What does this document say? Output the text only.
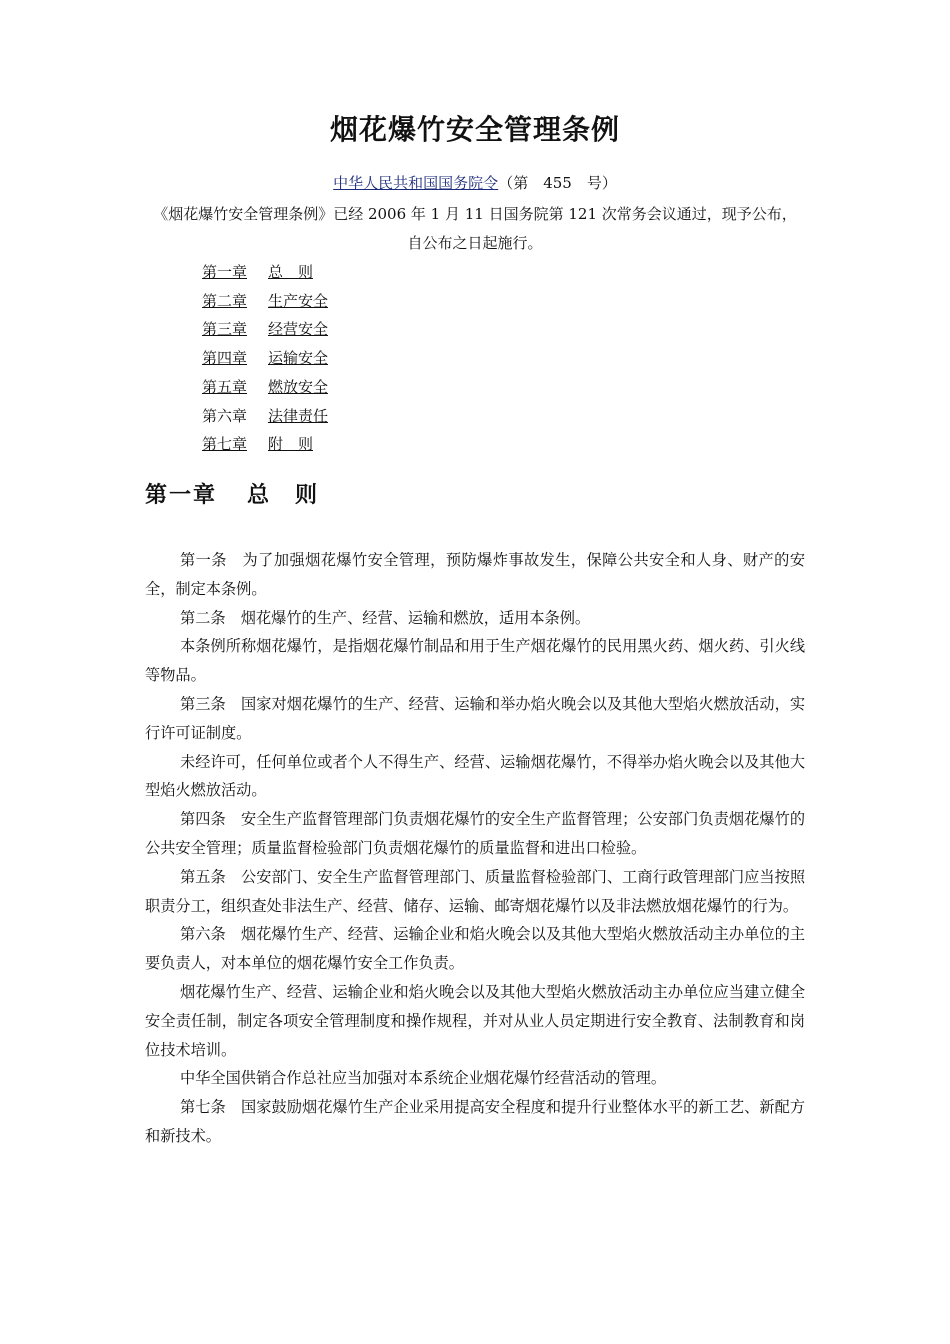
烟花爆竹安全管理条例
中华人民共和国国务院令（第　455　号）
《烟花爆竹安全管理条例》已经 2006 年 1 月 11 日国务院第 121 次常务会议通过，现予公布，自公布之日起施行。
第一章 总　则
第二章 生产安全
第三章 经营安全
第四章 运输安全
第五章 燃放安全
第六章 法律责任
第七章 附　则
第一章 总　则

第一条　为了加强烟花爆竹安全管理，预防爆炸事故发生，保障公共安全和人身、财产的安全，制定本条例。

第二条　烟花爆竹的生产、经营、运输和燃放，适用本条例。

本条例所称烟花爆竹，是指烟花爆竹制品和用于生产烟花爆竹的民用黑火药、烟火药、引火线等物品。

第三条　国家对烟花爆竹的生产、经营、运输和举办焰火晚会以及其他大型焰火燃放活动，实行许可证制度。

未经许可，任何单位或者个人不得生产、经营、运输烟花爆竹，不得举办焰火晚会以及其他大型焰火燃放活动。

第四条　安全生产监督管理部门负责烟花爆竹的安全生产监督管理；公安部门负责烟花爆竹的公共安全管理；质量监督检验部门负责烟花爆竹的质量监督和进出口检验。

第五条　公安部门、安全生产监督管理部门、质量监督检验部门、工商行政管理部门应当按照职责分工，组织查处非法生产、经营、储存、运输、邮寄烟花爆竹以及非法燃放烟花爆竹的行为。

第六条　烟花爆竹生产、经营、运输企业和焰火晚会以及其他大型焰火燃放活动主办单位的主要负责人，对本单位的烟花爆竹安全工作负责。

烟花爆竹生产、经营、运输企业和焰火晚会以及其他大型焰火燃放活动主办单位应当建立健全安全责任制，制定各项安全管理制度和操作规程，并对从业人员定期进行安全教育、法制教育和岗位技术培训。

中华全国供销合作总社应当加强对本系统企业烟花爆竹经营活动的管理。

第七条　国家鼓励烟花爆竹生产企业采用提高安全程度和提升行业整体水平的新工艺、新配方和新技术。
